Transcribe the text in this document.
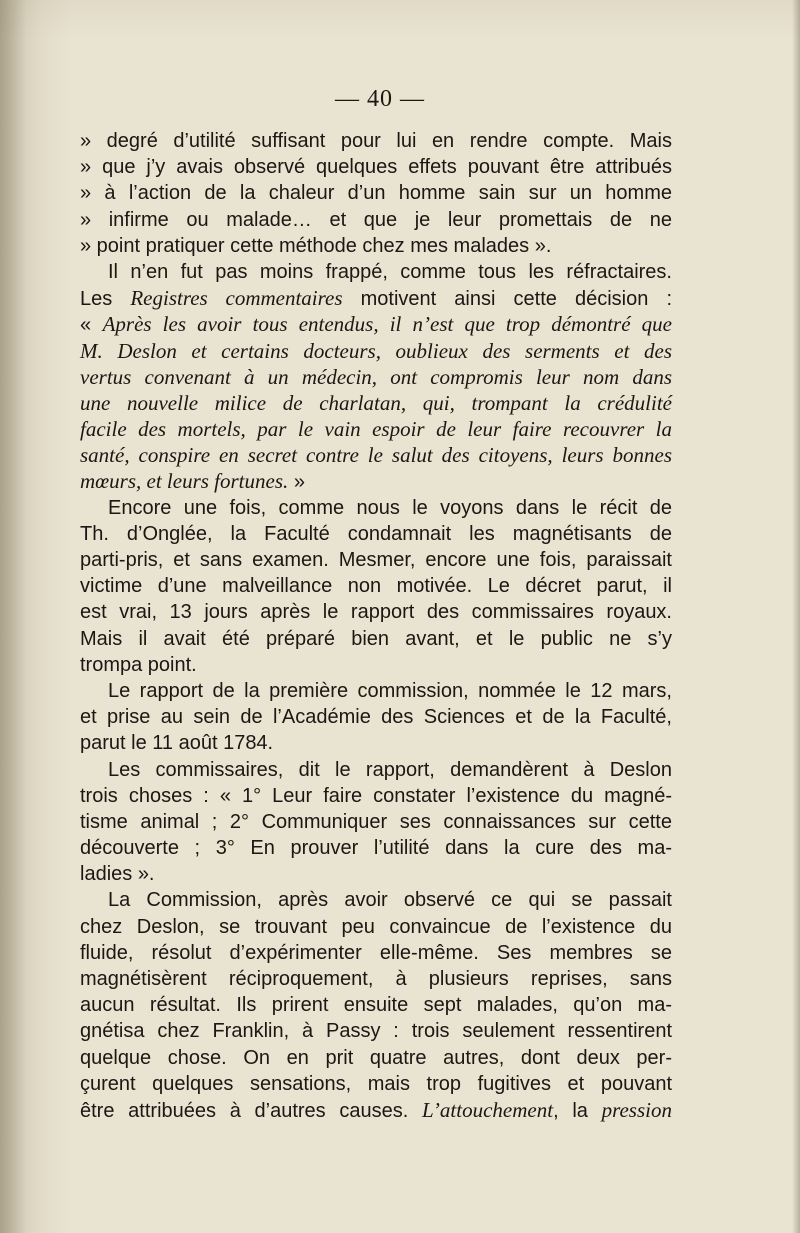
— 40 —
» degré d’utilité suffisant pour lui en rendre compte. Mais
» que j’y avais observé quelques effets pouvant être attribués
» à l’action de la chaleur d’un homme sain sur un homme
» infirme ou malade… et que je leur promettais de ne
» point pratiquer cette méthode chez mes malades ».
Il n’en fut pas moins frappé, comme tous les réfractaires.
Les Registres commentaires motivent ainsi cette décision :
« Après les avoir tous entendus, il n’est que trop démontré que
M. Deslon et certains docteurs, oublieux des serments et des
vertus convenant à un médecin, ont compromis leur nom dans
une nouvelle milice de charlatan, qui, trompant la crédulité
facile des mortels, par le vain espoir de leur faire recouvrer la
santé, conspire en secret contre le salut des citoyens, leurs bonnes
mœurs, et leurs fortunes. »
Encore une fois, comme nous le voyons dans le récit de
Th. d’Onglée, la Faculté condamnait les magnétisants de
parti-pris, et sans examen. Mesmer, encore une fois, paraissait
victime d’une malveillance non motivée. Le décret parut, il
est vrai, 13 jours après le rapport des commissaires royaux.
Mais il avait été préparé bien avant, et le public ne s’y
trompa point.
Le rapport de la première commission, nommée le 12 mars,
et prise au sein de l’Académie des Sciences et de la Faculté,
parut le 11 août 1784.
Les commissaires, dit le rapport, demandèrent à Deslon
trois choses : « 1° Leur faire constater l’existence du magné-
tisme animal ; 2° Communiquer ses connaissances sur cette
découverte ; 3° En prouver l’utilité dans la cure des ma-
ladies ».
La Commission, après avoir observé ce qui se passait
chez Deslon, se trouvant peu convaincue de l’existence du
fluide, résolut d’expérimenter elle-même. Ses membres se
magnétisèrent réciproquement, à plusieurs reprises, sans
aucun résultat. Ils prirent ensuite sept malades, qu’on ma-
gnétisa chez Franklin, à Passy : trois seulement ressentirent
quelque chose. On en prit quatre autres, dont deux per-
çurent quelques sensations, mais trop fugitives et pouvant
être attribuées à d’autres causes. L’attouchement, la pression
